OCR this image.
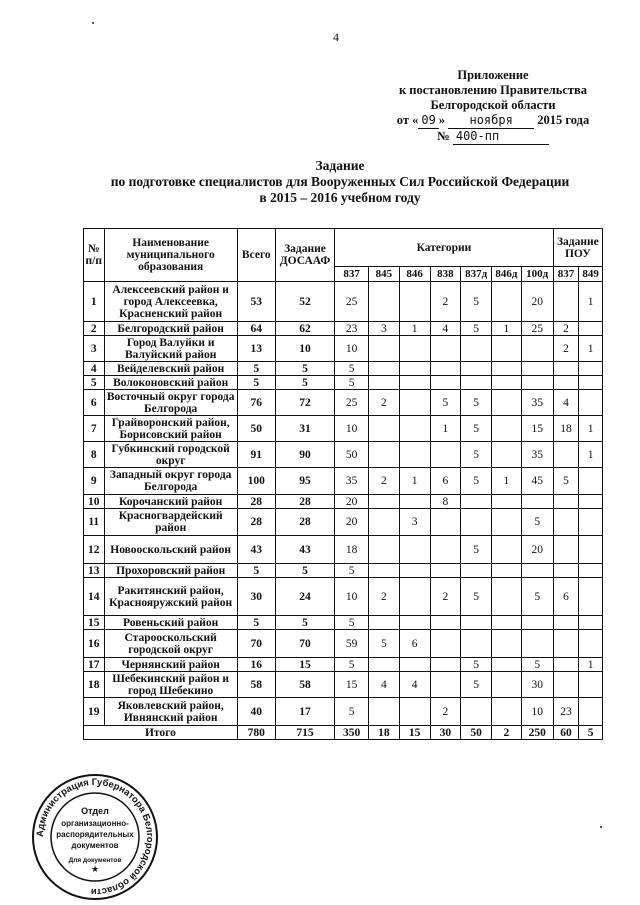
4
Приложение
к постановлению Правительства
Белгородской области
от « 09 » ноября 2015 года
№ 400-пп
Задание
по подготовке специалистов для Вооруженных Сил Российской Федерации
в 2015 – 2016 учебном году
№ п/п	Наименование муниципального образования	Всего	Задание ДОСААФ	Категории							Задание ПОУ	
				837	845	846	838	837д	846д	100д	837	849
1	Алексеевский район и город Алексеевка, Красненский район	53	52	25			2	5		20		1
2	Белгородский район	64	62	23	3	1	4	5	1	25	2	
3	Город Валуйки и Валуйский район	13	10	10							2	1
4	Вейделевский район	5	5	5								
5	Волоконовский район	5	5	5								
6	Восточный округ города Белгорода	76	72	25	2		5	5		35	4	
7	Грайворонский район, Борисовский район	50	31	10			1	5		15	18	1
8	Губкинский городской округ	91	90	50				5		35		1
9	Западный округ города Белгорода	100	95	35	2	1	6	5	1	45	5	
10	Корочанский район	28	28	20			8					
11	Красногвардейский район	28	28	20		3				5		
12	Новооскольский район	43	43	18				5		20		
13	Прохоровский район	5	5	5								
14	Ракитянский район, Краснояружский район	30	24	10	2		2	5		5	6	
15	Ровеньский район	5	5	5								
16	Старооскольский городской округ	70	70	59	5	6						
17	Чернянский район	16	15	5				5		5		1
18	Шебекинский район и город Шебекино	58	58	15	4	4		5		30		
19	Яковлевский район, Ивнянский район	40	17	5			2			10	23	
Итого		780	715	350	18	15	30	50	2	250	60	5
Администрация Губернатора Белгородской области
Отдел
организационно-
распорядительных
документов
Для документов
★
